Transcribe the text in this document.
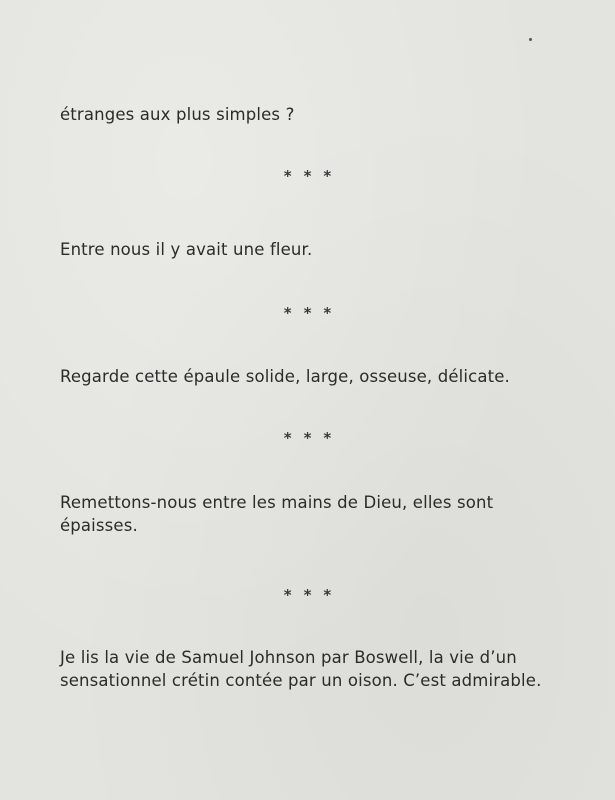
étranges aux plus simples ?

***

Entre nous il y avait une fleur.

***

Regarde cette épaule solide, large, osseuse, délicate.

***

Remettons-nous entre les mains de Dieu, elles sont épaisses.

***

Je lis la vie de Samuel Johnson par Boswell, la vie d’un sensationnel crétin contée par un oison. C’est admirable.
